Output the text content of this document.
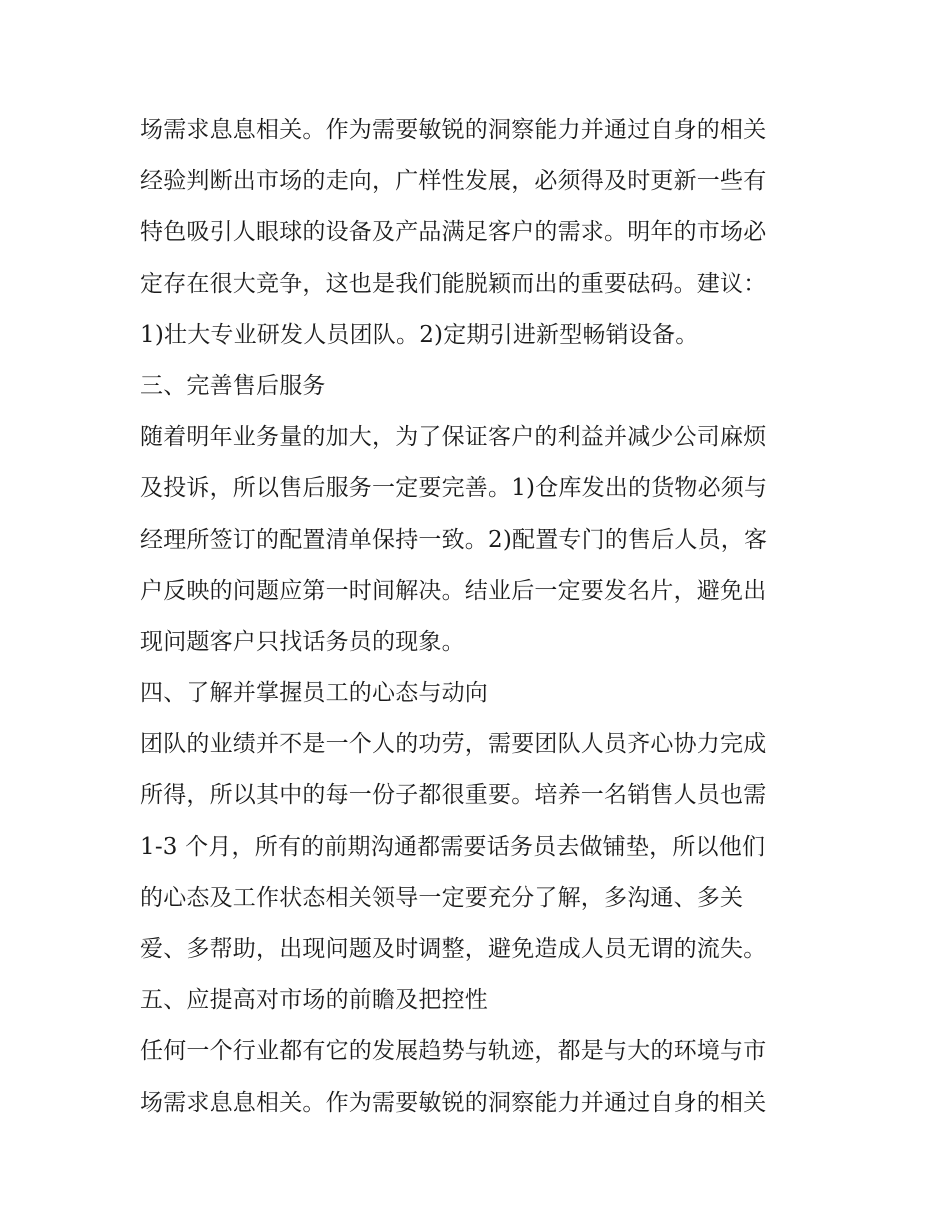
场需求息息相关。作为需要敏锐的洞察能力并通过自身的相关
经验判断出市场的走向，广样性发展，必须得及时更新一些有
特色吸引人眼球的设备及产品满足客户的需求。明年的市场必
定存在很大竞争，这也是我们能脱颖而出的重要砝码。建议：
1)壮大专业研发人员团队。2)定期引进新型畅销设备。
三、完善售后服务
随着明年业务量的加大，为了保证客户的利益并减少公司麻烦
及投诉，所以售后服务一定要完善。1)仓库发出的货物必须与
经理所签订的配置清单保持一致。2)配置专门的售后人员，客
户反映的问题应第一时间解决。结业后一定要发名片，避免出
现问题客户只找话务员的现象。
四、了解并掌握员工的心态与动向
团队的业绩并不是一个人的功劳，需要团队人员齐心协力完成
所得，所以其中的每一份子都很重要。培养一名销售人员也需
1-3 个月，所有的前期沟通都需要话务员去做铺垫，所以他们
的心态及工作状态相关领导一定要充分了解，多沟通、多关
爱、多帮助，出现问题及时调整，避免造成人员无谓的流失。
五、应提高对市场的前瞻及把控性
任何一个行业都有它的发展趋势与轨迹，都是与大的环境与市
场需求息息相关。作为需要敏锐的洞察能力并通过自身的相关
